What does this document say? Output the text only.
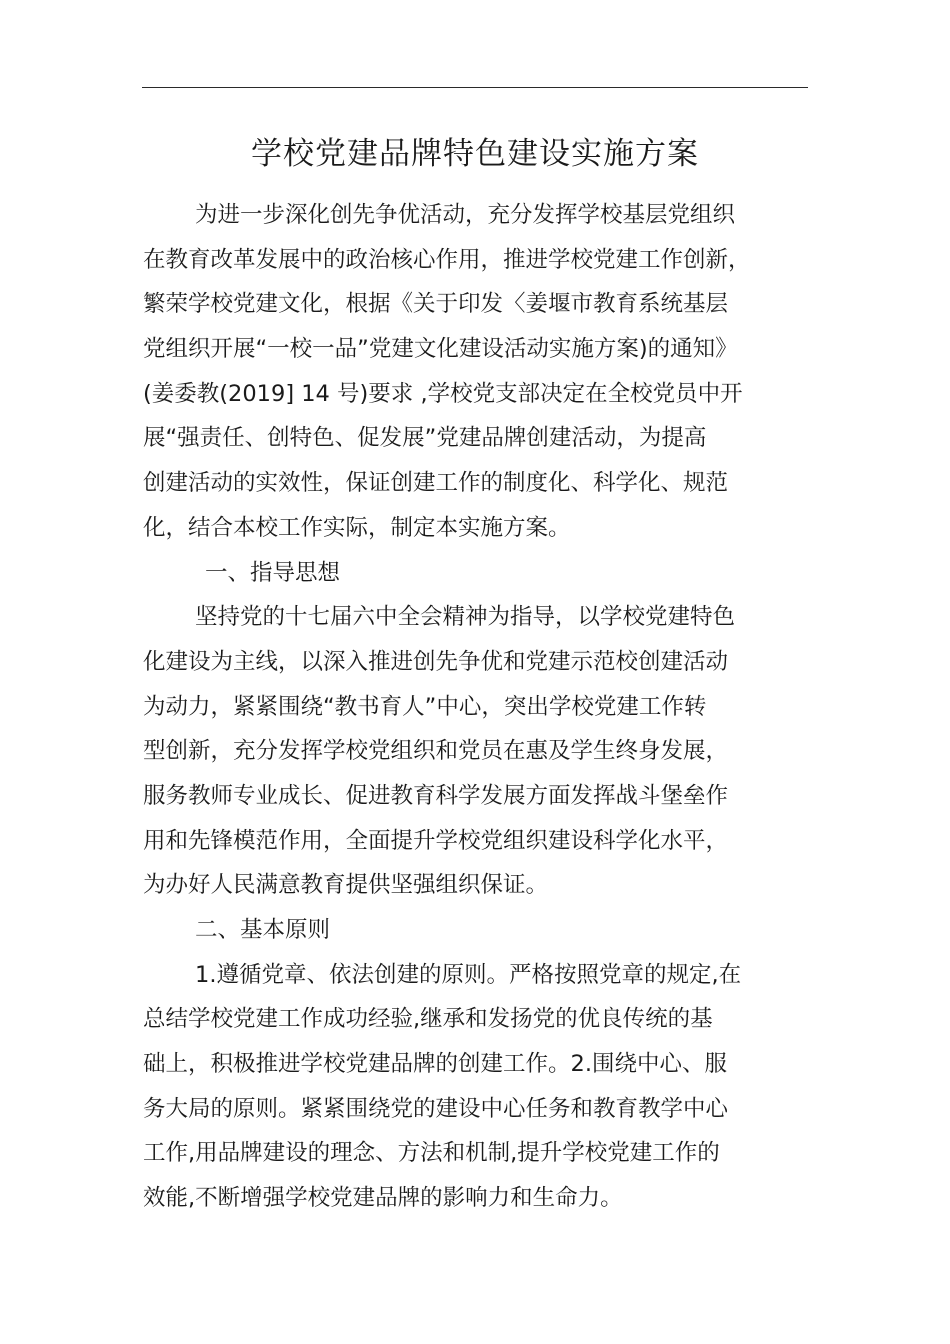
学校党建品牌特色建设实施方案
为进一步深化创先争优活动，充分发挥学校基层党组织
在教育改革发展中的政治核心作用，推进学校党建工作创新，
繁荣学校党建文化，根据《关于印发〈姜堰市教育系统基层
党组织开展“一校一品”党建文化建设活动实施方案)的通知》
(姜委教(2019] 14 号)要求 ,学校党支部决定在全校党员中开
展“强责任、创特色、促发展”党建品牌创建活动，为提高
创建活动的实效性，保证创建工作的制度化、科学化、规范
化，结合本校工作实际，制定本实施方案。
一、指导思想
坚持党的十七届六中全会精神为指导，以学校党建特色
化建设为主线，以深入推进创先争优和党建示范校创建活动
为动力，紧紧围绕“教书育人”中心，突出学校党建工作转
型创新，充分发挥学校党组织和党员在惠及学生终身发展，
服务教师专业成长、促进教育科学发展方面发挥战斗堡垒作
用和先锋模范作用，全面提升学校党组织建设科学化水平，
为办好人民满意教育提供坚强组织保证。
二、基本原则
1.遵循党章、依法创建的原则。严格按照党章的规定,在
总结学校党建工作成功经验,继承和发扬党的优良传统的基
础上，积极推进学校党建品牌的创建工作。2.围绕中心、服
务大局的原则。紧紧围绕党的建设中心任务和教育教学中心
工作,用品牌建设的理念、方法和机制,提升学校党建工作的
效能,不断增强学校党建品牌的影响力和生命力。
